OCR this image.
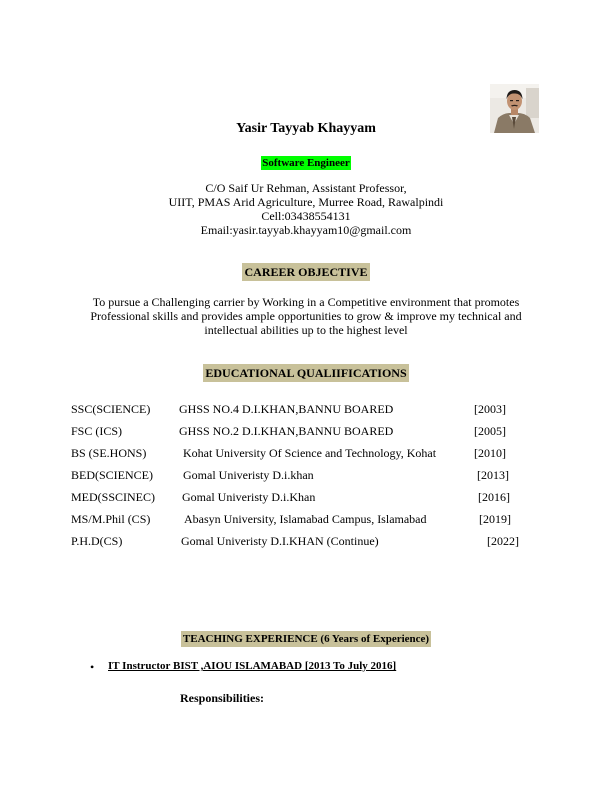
Yasir Tayyab Khayyam
Software Engineer
C/O Saif Ur Rehman, Assistant Professor,
UIIT, PMAS Arid Agriculture, Murree Road, Rawalpindi
Cell:03438554131
Email:yasir.tayyab.khayyam10@gmail.com
CAREER OBJECTIVE
To pursue a Challenging carrier by Working in a Competitive environment that promotes
Professional skills and provides ample opportunities to grow & improve my technical and
intellectual abilities up to the highest level
EDUCATIONAL QUALIIFICATIONS
SSC(SCIENCE) GHSS NO.4 D.I.KHAN,BANNU BOARED	[2003]
FSC (ICS)	GHSS NO.2 D.I.KHAN,BANNU BOARED	[2005]
BS (SE.HONS)	Kohat University Of Science and Technology, Kohat	[2010]
BED(SCIENCE)	Gomal Univeristy D.i.khan	[2013]
MED(SSCINEC) Gomal Univeristy D.i.Khan	[2016]
MS/M.Phil (CS)	Abasyn University, Islamabad Campus, Islamabad	[2019]
P.H.D(CS)	Gomal Univeristy D.I.KHAN (Continue)	[2022]
TEACHING EXPERIENCE (6 Years of Experience)
• IT Instructor BIST ,AIOU ISLAMABAD [2013 To July 2016]
Responsibilities:
